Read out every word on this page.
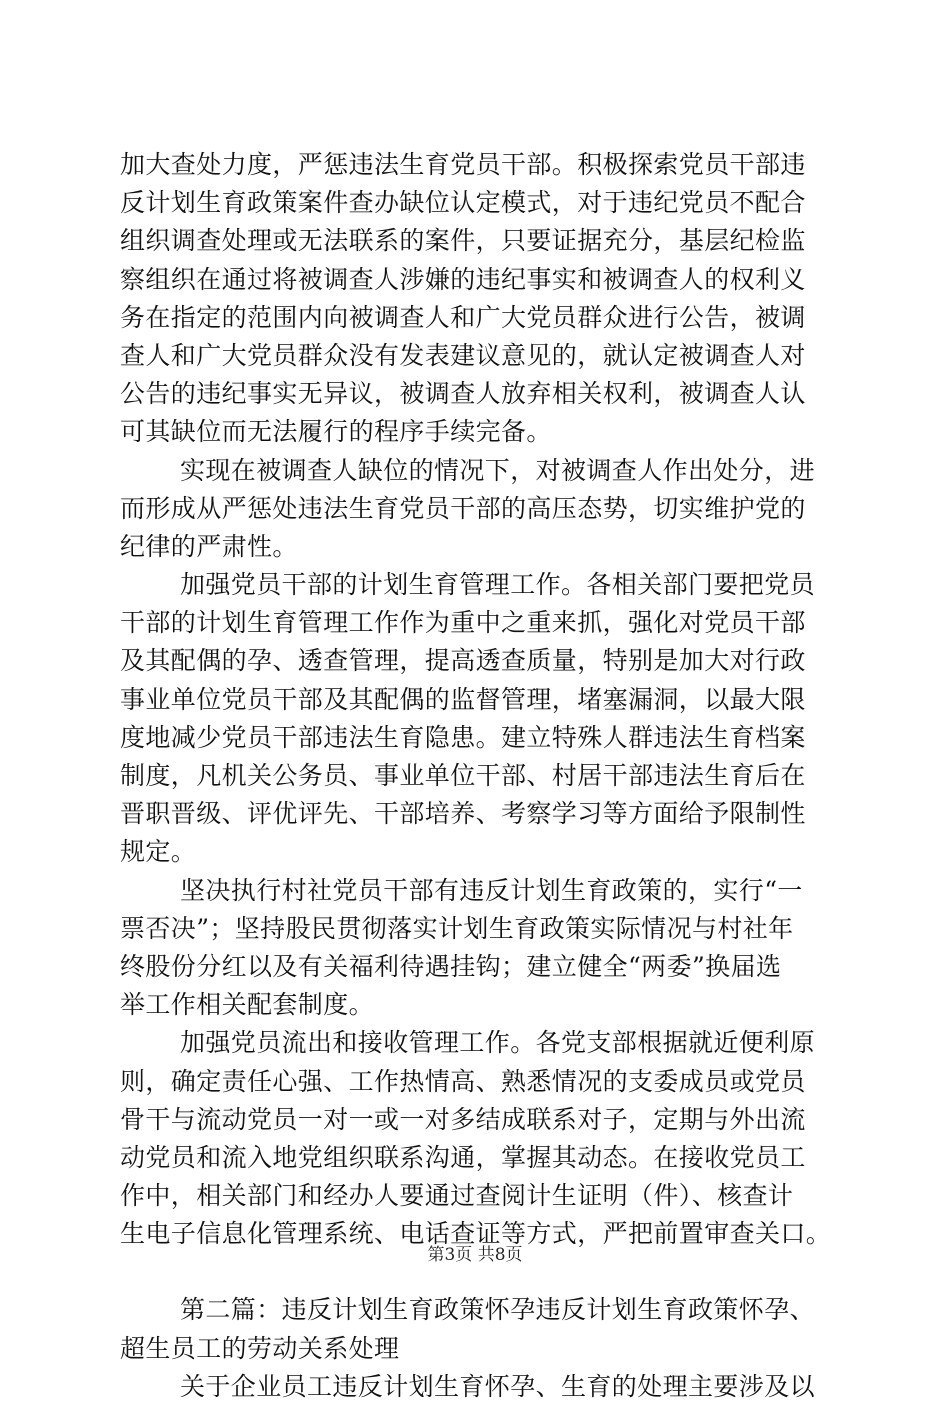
加大查处力度，严惩违法生育党员干部。积极探索党员干部违
反计划生育政策案件查办缺位认定模式，对于违纪党员不配合
组织调查处理或无法联系的案件，只要证据充分，基层纪检监
察组织在通过将被调查人涉嫌的违纪事实和被调查人的权利义
务在指定的范围内向被调查人和广大党员群众进行公告，被调
查人和广大党员群众没有发表建议意见的，就认定被调查人对
公告的违纪事实无异议，被调查人放弃相关权利，被调查人认
可其缺位而无法履行的程序手续完备。
实现在被调查人缺位的情况下，对被调查人作出处分，进
而形成从严惩处违法生育党员干部的高压态势，切实维护党的
纪律的严肃性。
加强党员干部的计划生育管理工作。各相关部门要把党员
干部的计划生育管理工作作为重中之重来抓，强化对党员干部
及其配偶的孕、透查管理，提高透查质量，特别是加大对行政
事业单位党员干部及其配偶的监督管理，堵塞漏洞，以最大限
度地减少党员干部违法生育隐患。建立特殊人群违法生育档案
制度，凡机关公务员、事业单位干部、村居干部违法生育后在
晋职晋级、评优评先、干部培养、考察学习等方面给予限制性
规定。
坚决执行村社党员干部有违反计划生育政策的，实行“一
票否决”；坚持股民贯彻落实计划生育政策实际情况与村社年
终股份分红以及有关福利待遇挂钩；建立健全“两委”换届选
举工作相关配套制度。
加强党员流出和接收管理工作。各党支部根据就近便利原
则，确定责任心强、工作热情高、熟悉情况的支委成员或党员
骨干与流动党员一对一或一对多结成联系对子，定期与外出流
动党员和流入地党组织联系沟通，掌握其动态。在接收党员工
作中，相关部门和经办人要通过查阅计生证明（件）、核查计
生电子信息化管理系统、电话查证等方式，严把前置审查关口。
第二篇：违反计划生育政策怀孕违反计划生育政策怀孕、
超生员工的劳动关系处理
关于企业员工违反计划生育怀孕、生育的处理主要涉及以
第3页 共8页
